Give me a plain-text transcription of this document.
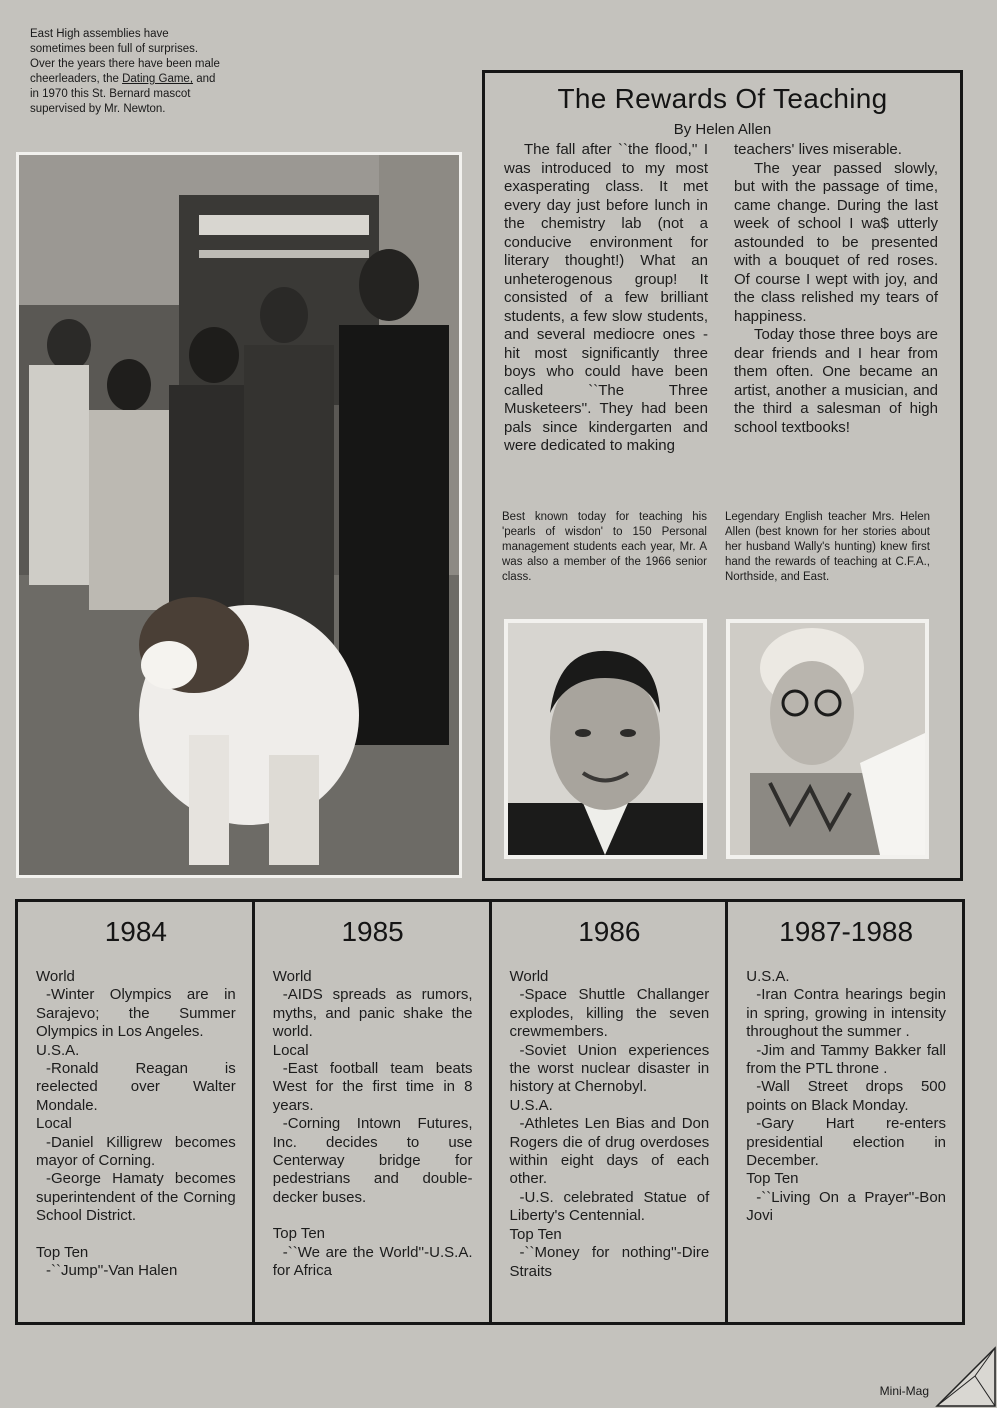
East High assemblies have sometimes been full of surprises. Over the years there have been male cheerleaders, the Dating Game, and in 1970 this St. Bernard mascot supervised by Mr. Newton.	The Rewards Of Teaching
By Helen Allen

The fall after ``the flood,'' I was introduced to my most exasperating class. It met every day just before lunch in the chemistry lab (not a conducive environment for literary thought!) What an unheterogenous group! It consisted of a few brilliant students, a few slow students, and several mediocre ones - hit most significantly three boys who could have been called ``The Three Musketeers''. They had been pals since kindergarten and were dedicated to making

teachers' lives miserable.

The year passed slowly, but with the passage of time, came change. During the last week of school I wa$ utterly astounded to be presented with a bouquet of red roses. Of course I wept with joy, and the class relished my tears of happiness.

Today those three boys are dear friends and I hear from them often. One became an artist, another a musician, and the third a salesman of high school textbooks!

Best known today for teaching his 'pearls of wisdon' to 150 Personal management students each year, Mr. A was also a member of the 1966 senior class.
Legendary English teacher Mrs. Helen Allen (best known for her stories about her husband Wally's hunting) knew first hand the rewards of teaching at C.F.A., Northside, and East.
1984
World
-Winter Olympics are in Sarajevo; the Summer Olympics in Los Angeles.
U.S.A.
-Ronald Reagan is reelected over Walter Mondale.
Local
-Daniel Killigrew becomes mayor of Corning.
-George Hamaty becomes superintendent of the Corning School District.
Top Ten
-``Jump''-Van Halen
1985
World
-AIDS spreads as rumors, myths, and panic shake the world.
Local
-East football team beats West for the first time in 8 years.
-Corning Intown Futures, Inc. decides to use Centerway bridge for pedestrians and double-decker buses.
Top Ten
-``We are the World''-U.S.A. for Africa
1986
World
-Space Shuttle Challanger explodes, killing the seven crewmembers.
-Soviet Union experiences the worst nuclear disaster in history at Chernobyl.
U.S.A.
-Athletes Len Bias and Don Rogers die of drug overdoses within eight days of each other.
-U.S. celebrated Statue of Liberty's Centennial.
Top Ten
-``Money for nothing''-Dire Straits
1987-1988
U.S.A.
-Iran Contra hearings begin in spring, growing in intensity throughout the summer .
-Jim and Tammy Bakker fall from the PTL throne .
-Wall Street drops 500 points on Black Monday.
-Gary Hart re-enters presidential election in December.
Top Ten
-``Living On a Prayer''-Bon Jovi
Mini-Mag
